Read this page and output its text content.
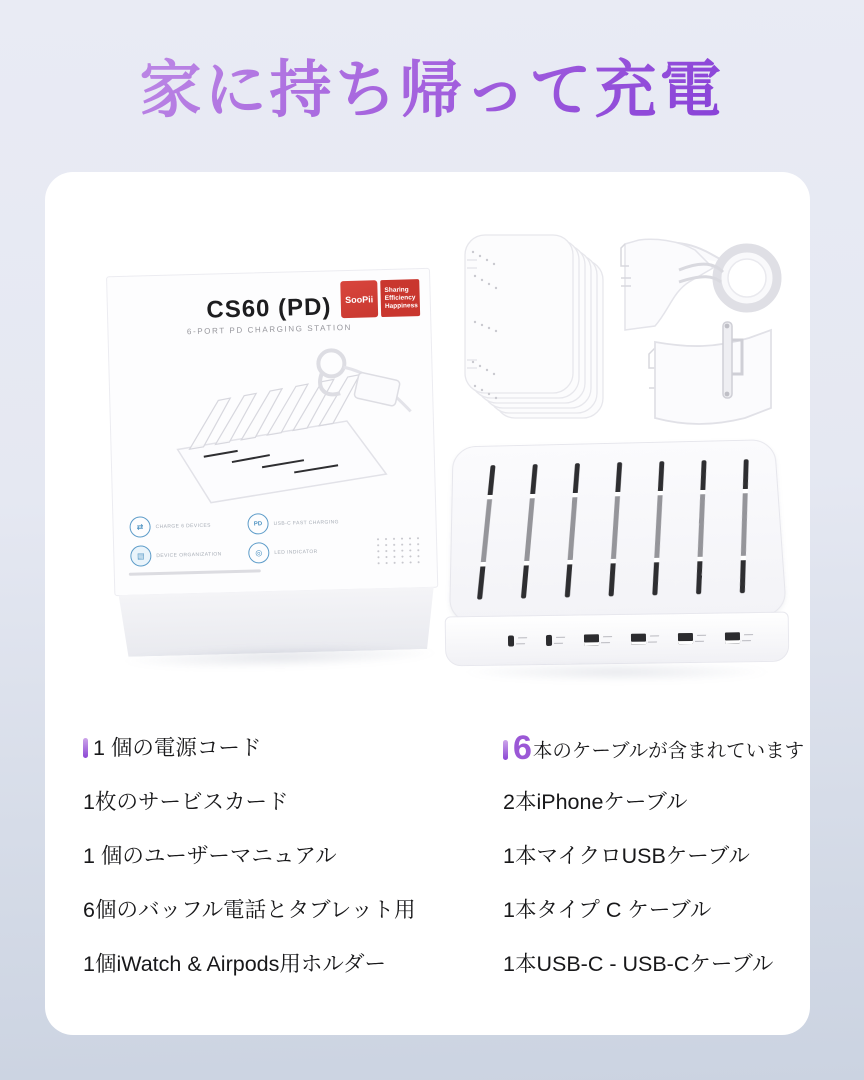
家に持ち帰って充電
SooPii
Sharing
Efficiency
Happiness
CS60 (PD)
6-PORT PD CHARGING STATION
⇄	CHARGE 6 DEVICES	PD	USB-C FAST CHARGING
▤	DEVICE ORGANIZATION	◎	LED INDICATOR
1 個の電源コード
1枚のサービスカード
1 個のユーザーマニュアル
6個のバッフル電話とタブレット用
1個iWatch & Airpods用ホルダー
6本のケーブルが含まれています
2本iPhoneケーブル
1本マイクロUSBケーブル
1本タイプ C ケーブル
1本USB-C - USB-Cケーブル
